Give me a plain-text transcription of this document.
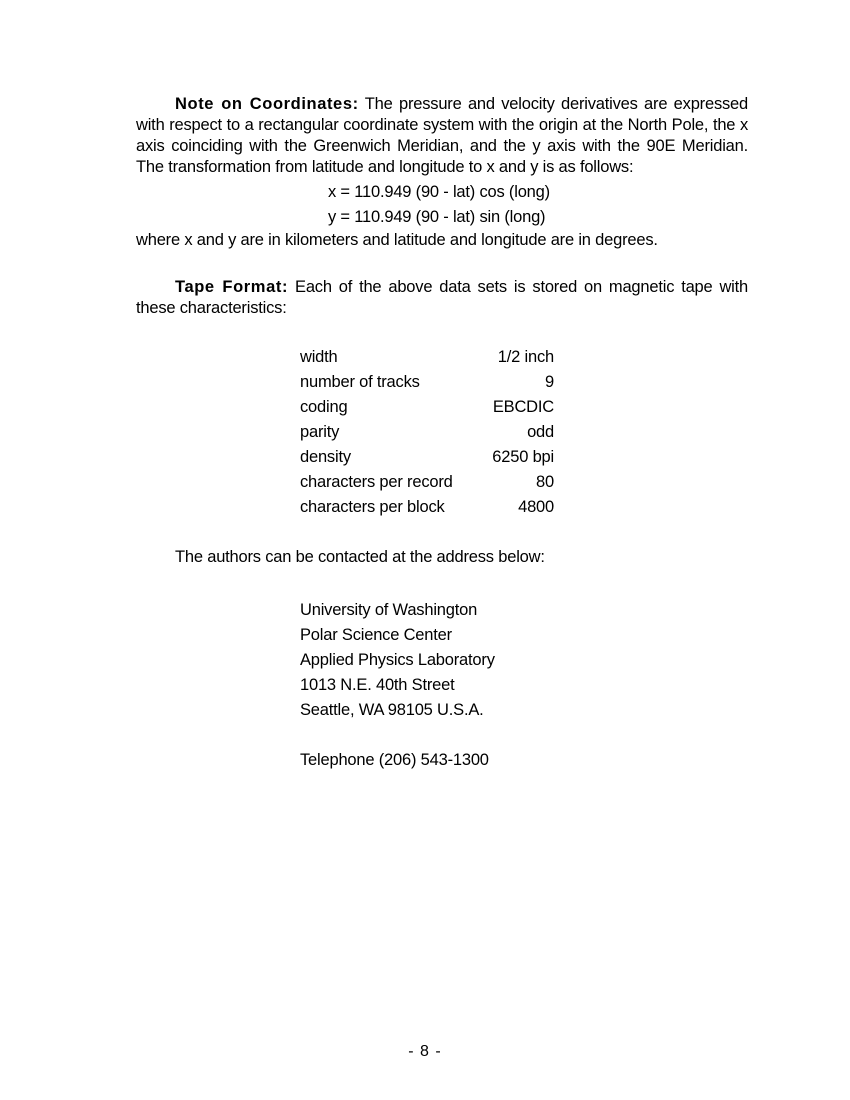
Note on Coordinates: The pressure and velocity derivatives are expressed with respect to a rectangular coordinate system with the origin at the North Pole, the x axis coinciding with the Greenwich Meridian, and the y axis with the 90E Meridian. The transformation from latitude and longitude to x and y is as follows:

x = 110.949 (90 - lat) cos (long)
y = 110.949 (90 - lat) sin (long)

where x and y are in kilometers and latitude and longitude are in degrees.

Tape Format: Each of the above data sets is stored on magnetic tape with these characteristics:

width	1/2 inch
number of tracks	9
coding	EBCDIC
parity	odd
density	6250 bpi
characters per record	80
characters per block	4800

The authors can be contacted at the address below:

University of Washington
Polar Science Center
Applied Physics Laboratory
1013 N.E. 40th Street
Seattle, WA 98105 U.S.A.
Telephone (206) 543-1300
- 8 -
